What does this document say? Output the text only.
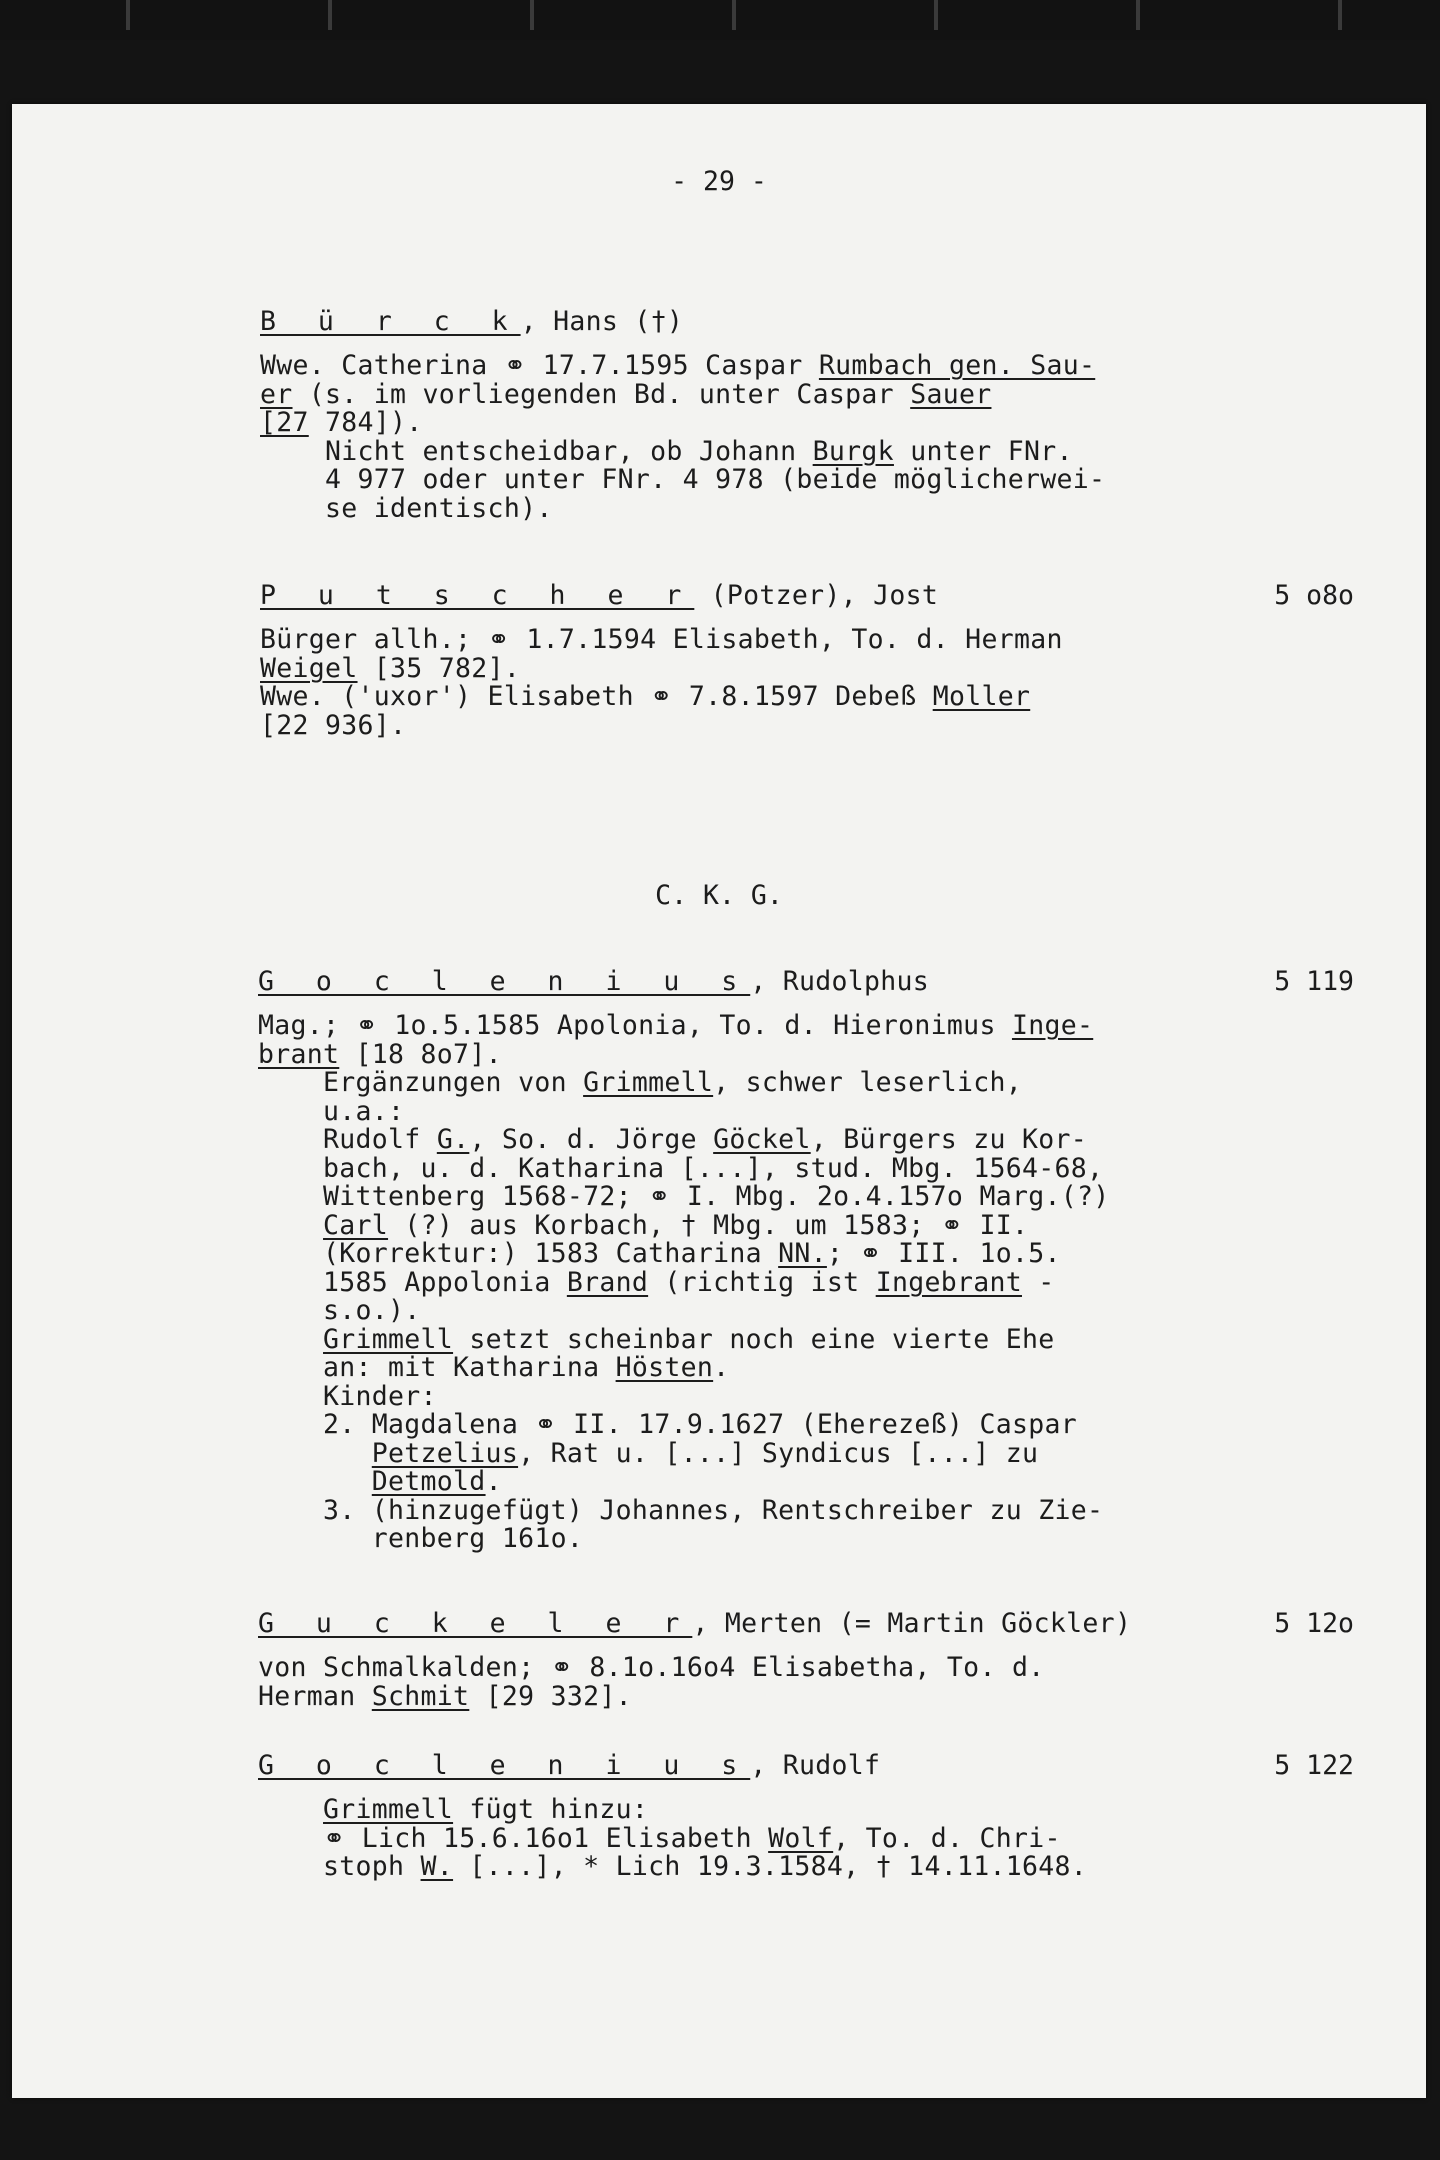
- 29 -
B ü r c k, Hans (†)
Wwe. Catherina ⚭ 17.7.1595 Caspar Rumbach gen. Sau-
er (s. im vorliegenden Bd. unter Caspar Sauer
[27 784]).
Nicht entscheidbar, ob Johann Burgk unter FNr.
4 977 oder unter FNr. 4 978 (beide möglicherwei-
se identisch).
P u t s c h e r (Potzer), Jost	5 o8o
Bürger allh.; ⚭ 1.7.1594 Elisabeth, To. d. Herman
Weigel [35 782].
Wwe. ('uxor') Elisabeth ⚭ 7.8.1597 Debeß Moller
[22 936].
C. K. G.
G o c l e n i u s, Rudolphus	5 119
Mag.; ⚭ 1o.5.1585 Apolonia, To. d. Hieronimus Inge-
brant [18 8o7].
Ergänzungen von Grimmell, schwer leserlich,
u.a.:
Rudolf G., So. d. Jörge Göckel, Bürgers zu Kor-
bach, u. d. Katharina [...], stud. Mbg. 1564-68,
Wittenberg 1568-72; ⚭ I. Mbg. 2o.4.157o Marg.(?)
Carl (?) aus Korbach, † Mbg. um 1583; ⚭ II.
(Korrektur:) 1583 Catharina NN.; ⚭ III. 1o.5.
1585 Appolonia Brand (richtig ist Ingebrant -
s.o.).
Grimmell setzt scheinbar noch eine vierte Ehe
an: mit Katharina Hösten.
Kinder:
2. Magdalena ⚭ II. 17.9.1627 (Eherezeß) Caspar
Petzelius, Rat u. [...] Syndicus [...] zu
Detmold.
3. (hinzugefügt) Johannes, Rentschreiber zu Zie-
renberg 161o.
G u c k e l e r, Merten (= Martin Göckler)	5 12o
von Schmalkalden; ⚭ 8.1o.16o4 Elisabetha, To. d.
Herman Schmit [29 332].
G o c l e n i u s, Rudolf	5 122
Grimmell fügt hinzu:
⚭ Lich 15.6.16o1 Elisabeth Wolf, To. d. Chri-
stoph W. [...], * Lich 19.3.1584, † 14.11.1648.
